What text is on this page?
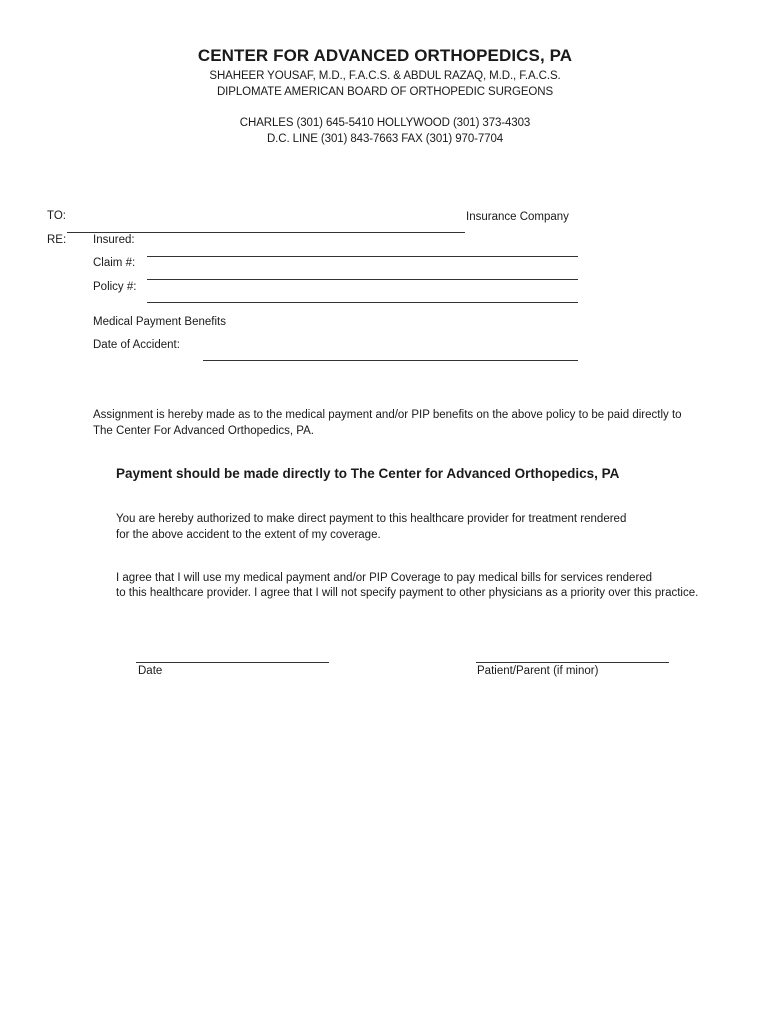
CENTER FOR ADVANCED ORTHOPEDICS, PA
SHAHEER YOUSAF, M.D., F.A.C.S. & ABDUL RAZAQ, M.D., F.A.C.S.
DIPLOMATE AMERICAN BOARD OF ORTHOPEDIC SURGEONS
CHARLES (301) 645-5410 HOLLYWOOD (301) 373-4303
D.C. LINE (301) 843-7663 FAX (301) 970-7704
TO:	Insurance Company
RE: Insured:
Claim #:
Policy #:
Medical Payment Benefits
Date of Accident:
Assignment is hereby made as to the medical payment and/or PIP benefits on the above policy to be paid directly to
The Center For Advanced Orthopedics, PA.
Payment should be made directly to The Center for Advanced Orthopedics, PA
You are hereby authorized to make direct payment to this healthcare provider for treatment rendered
for the above accident to the extent of my coverage.
I agree that I will use my medical payment and/or PIP Coverage to pay medical bills for services rendered
to this healthcare provider. I agree that I will not specify payment to other physicians as a priority over this practice.
Date	Patient/Parent (if minor)
